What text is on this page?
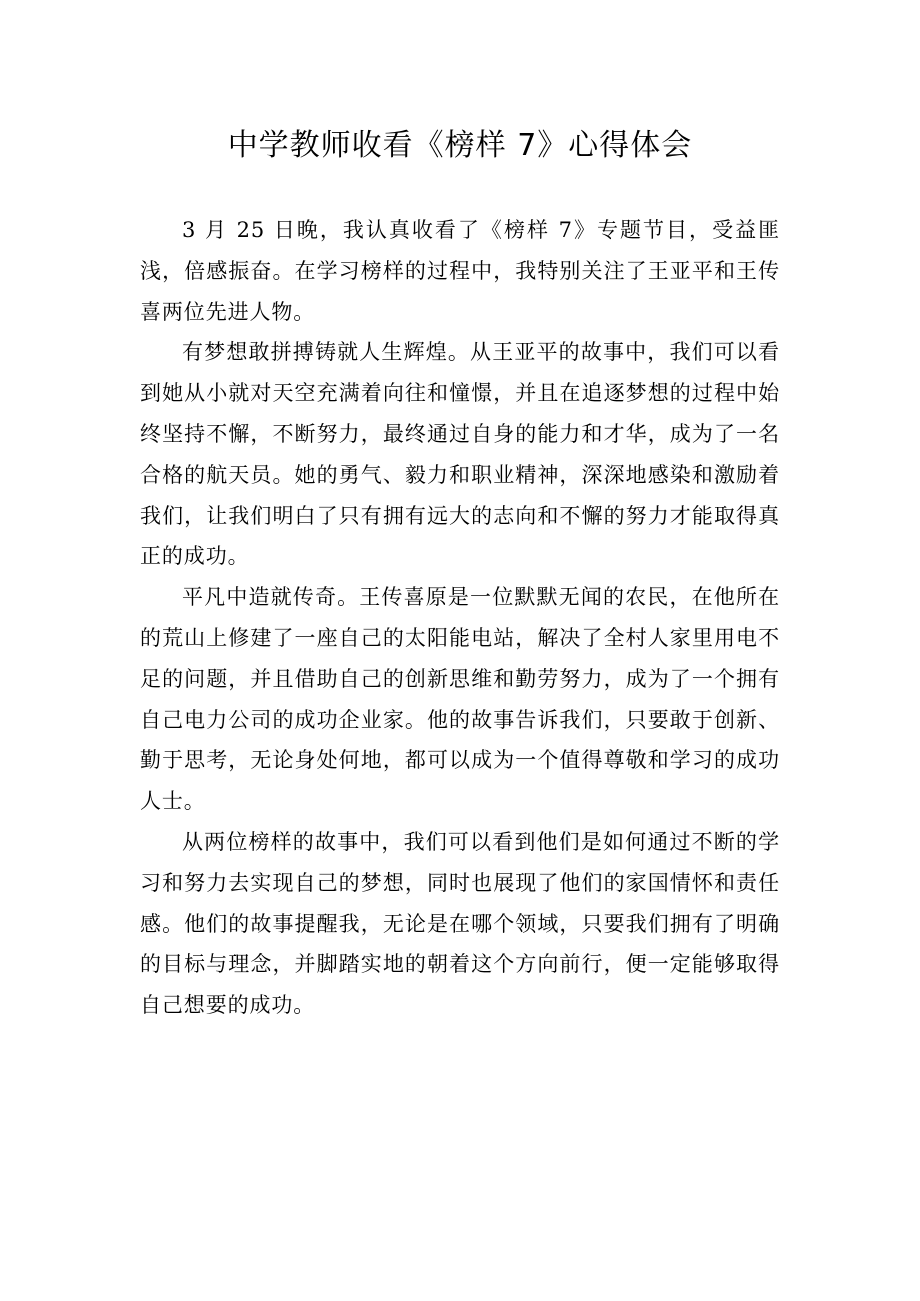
中学教师收看《榜样 7》心得体会

3 月 25 日晚，我认真收看了《榜样 7》专题节目，受益匪浅，倍感振奋。在学习榜样的过程中，我特别关注了王亚平和王传喜两位先进人物。

有梦想敢拼搏铸就人生辉煌。从王亚平的故事中，我们可以看到她从小就对天空充满着向往和憧憬，并且在追逐梦想的过程中始终坚持不懈，不断努力，最终通过自身的能力和才华，成为了一名合格的航天员。她的勇气、毅力和职业精神，深深地感染和激励着我们，让我们明白了只有拥有远大的志向和不懈的努力才能取得真正的成功。

平凡中造就传奇。王传喜原是一位默默无闻的农民，在他所在的荒山上修建了一座自己的太阳能电站，解决了全村人家里用电不足的问题，并且借助自己的创新思维和勤劳努力，成为了一个拥有自己电力公司的成功企业家。他的故事告诉我们，只要敢于创新、勤于思考，无论身处何地，都可以成为一个值得尊敬和学习的成功人士。

从两位榜样的故事中，我们可以看到他们是如何通过不断的学习和努力去实现自己的梦想，同时也展现了他们的家国情怀和责任感。他们的故事提醒我，无论是在哪个领域，只要我们拥有了明确的目标与理念，并脚踏实地的朝着这个方向前行，便一定能够取得自己想要的成功。
